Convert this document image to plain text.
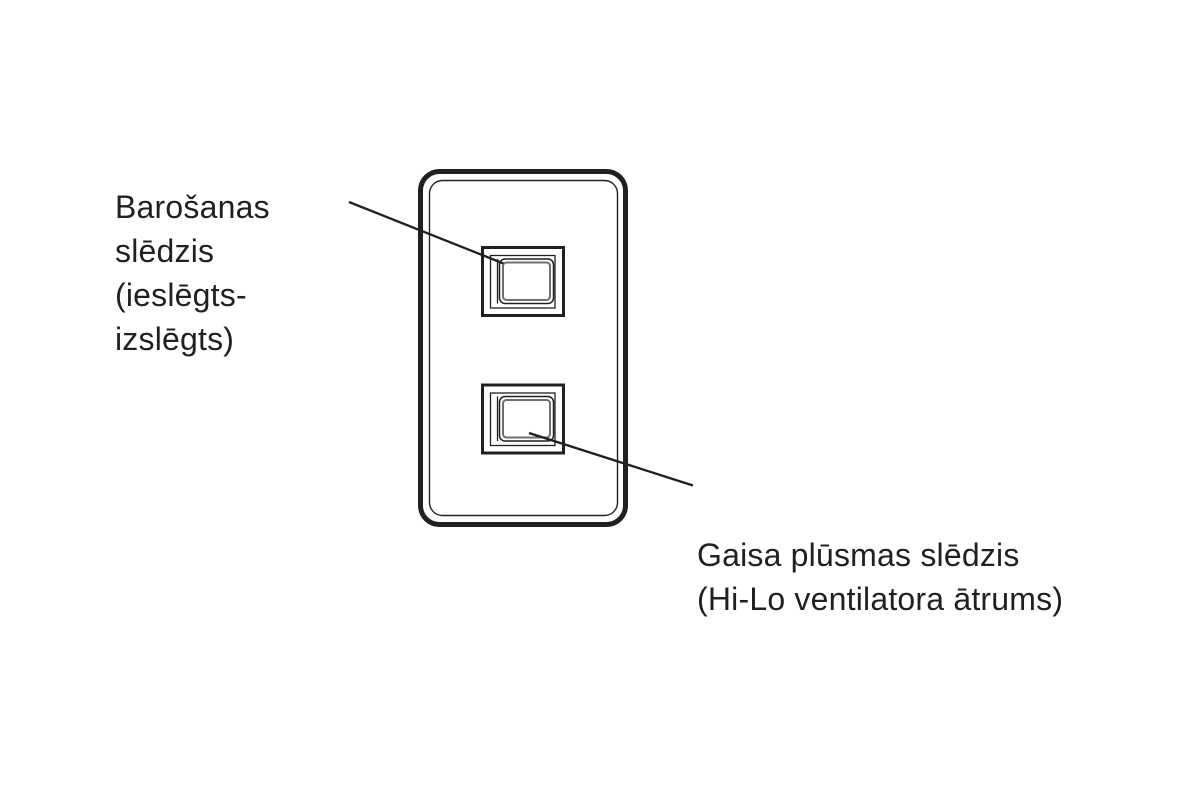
Barošanas
slēdzis
(ieslēgts-
izslēgts)
Gaisa plūsmas slēdzis
(Hi-Lo ventilatora ātrums)
